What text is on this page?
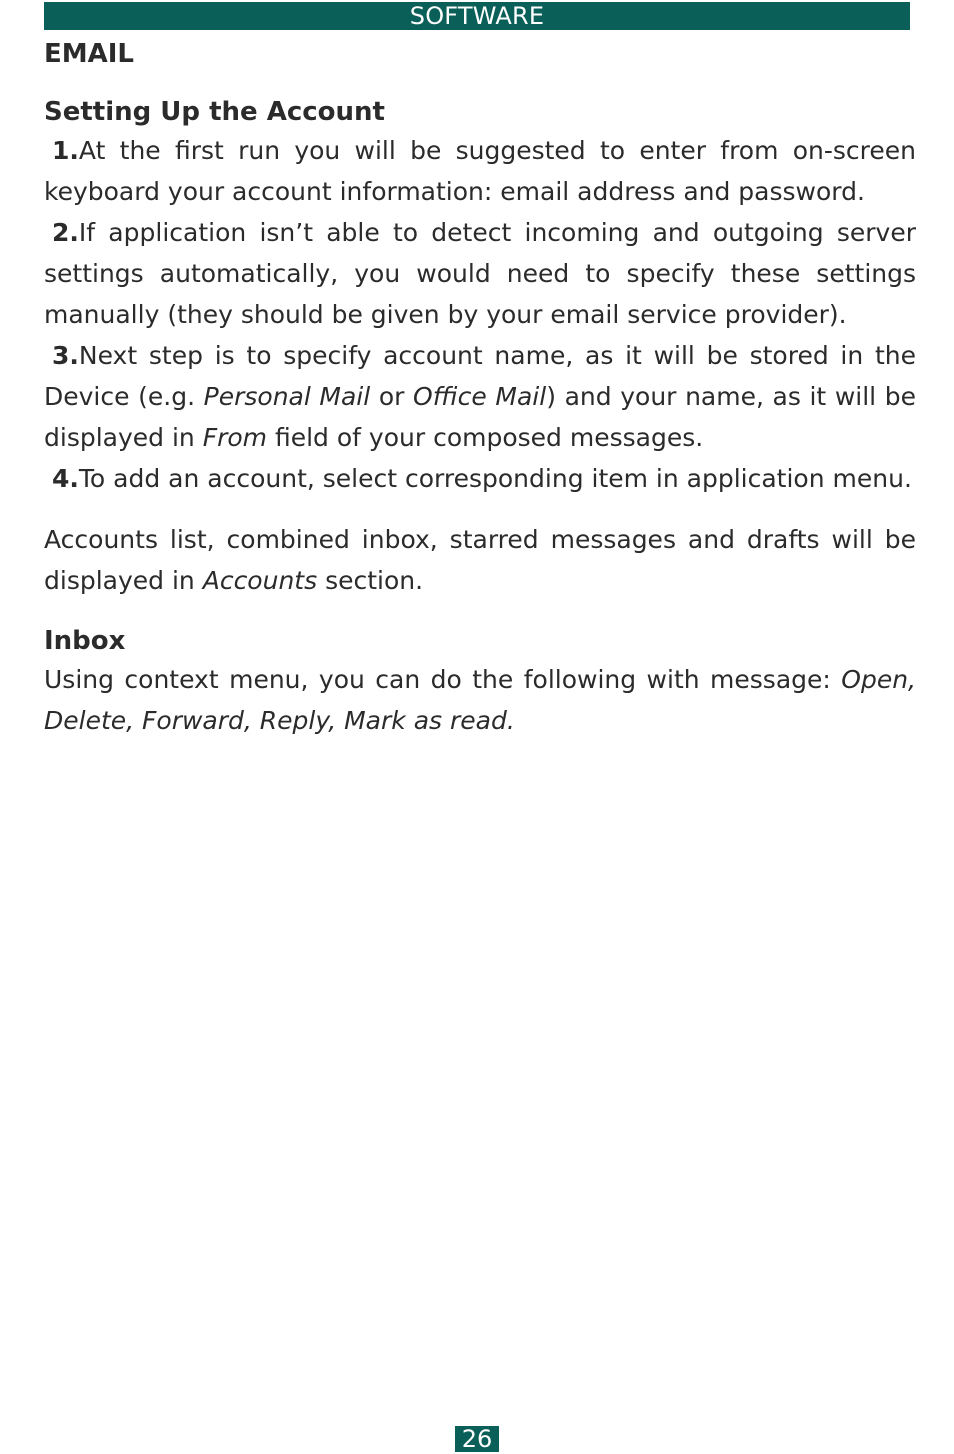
SOFTWARE
EMAIL
Setting Up the Account

1.At the first run you will be suggested to enter from on-screen keyboard your account information: email address and password.

2.If application isn’t able to detect incoming and outgoing server settings automatically, you would need to specify these settings manually (they should be given by your email service provider).

3.Next step is to specify account name, as it will be stored in the Device (e.g. Personal Mail or Office Mail) and your name, as it will be displayed in From field of your composed messages.

4.To add an account, select corresponding item in application menu.

Accounts list, combined inbox, starred messages and drafts will be displayed in Accounts section.

Inbox

Using context menu, you can do the following with message: Open, Delete, Forward, Reply, Mark as read.

26
